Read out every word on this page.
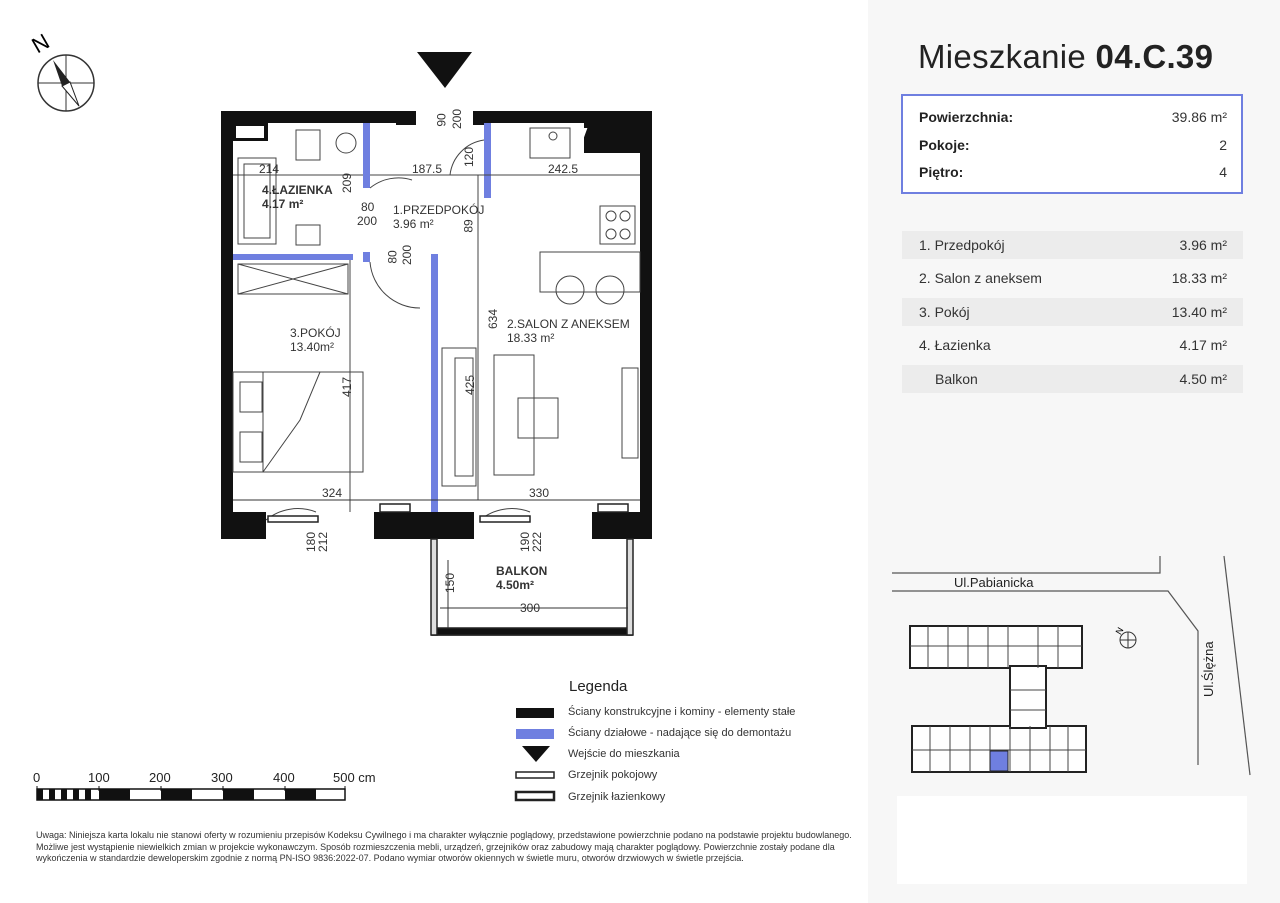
N
4.ŁAZIENKA
4.17 m²	1.PRZEDPOKÓJ
3.96 m²
3.POKÓJ
13.40m²
2.SALON Z ANEKSEM
18.33 m²
BALKON
4.50m²
214	187.5	242.5
209
80
200
80 200
90 200
120
89
634
417	425
324	330
180
212	190
222
150
300
Legenda
Ściany konstrukcyjne i kominy - elementy stałe
Ściany działowe - nadające się do demontażu
Wejście do mieszkania
Grzejnik pokojowy
Grzejnik łazienkowy
0	100	200	300	400	500 cm
Uwaga: Niniejsza karta lokalu nie stanowi oferty w rozumieniu przepisów Kodeksu Cywilnego i ma charakter wyłącznie poglądowy, przedstawione powierzchnie podano na podstawie projektu budowlanego. Możliwe jest wystąpienie niewielkich zmian w projekcie wykonawczym. Sposób rozmieszczenia mebli, urządzeń, grzejników oraz zabudowy mają charakter poglądowy. Powierzchnie zostały podane dla wykończenia w standardzie deweloperskim zgodnie z normą PN-ISO 9836:2022-07. Podano wymiar otworów okiennych w świetle muru, otworów drzwiowych w świetle przejścia.
Mieszkanie 04.C.39
Powierzchnia:	39.86 m²
Pokoje:	2
Piętro:	4
1. Przedpokój	3.96 m²
2. Salon z aneksem	18.33 m²
3. Pokój	13.40 m²
4. Łazienka	4.17 m²
Balkon	4.50 m²
Ul.Pabianicka
Ul.Ślężna
N
